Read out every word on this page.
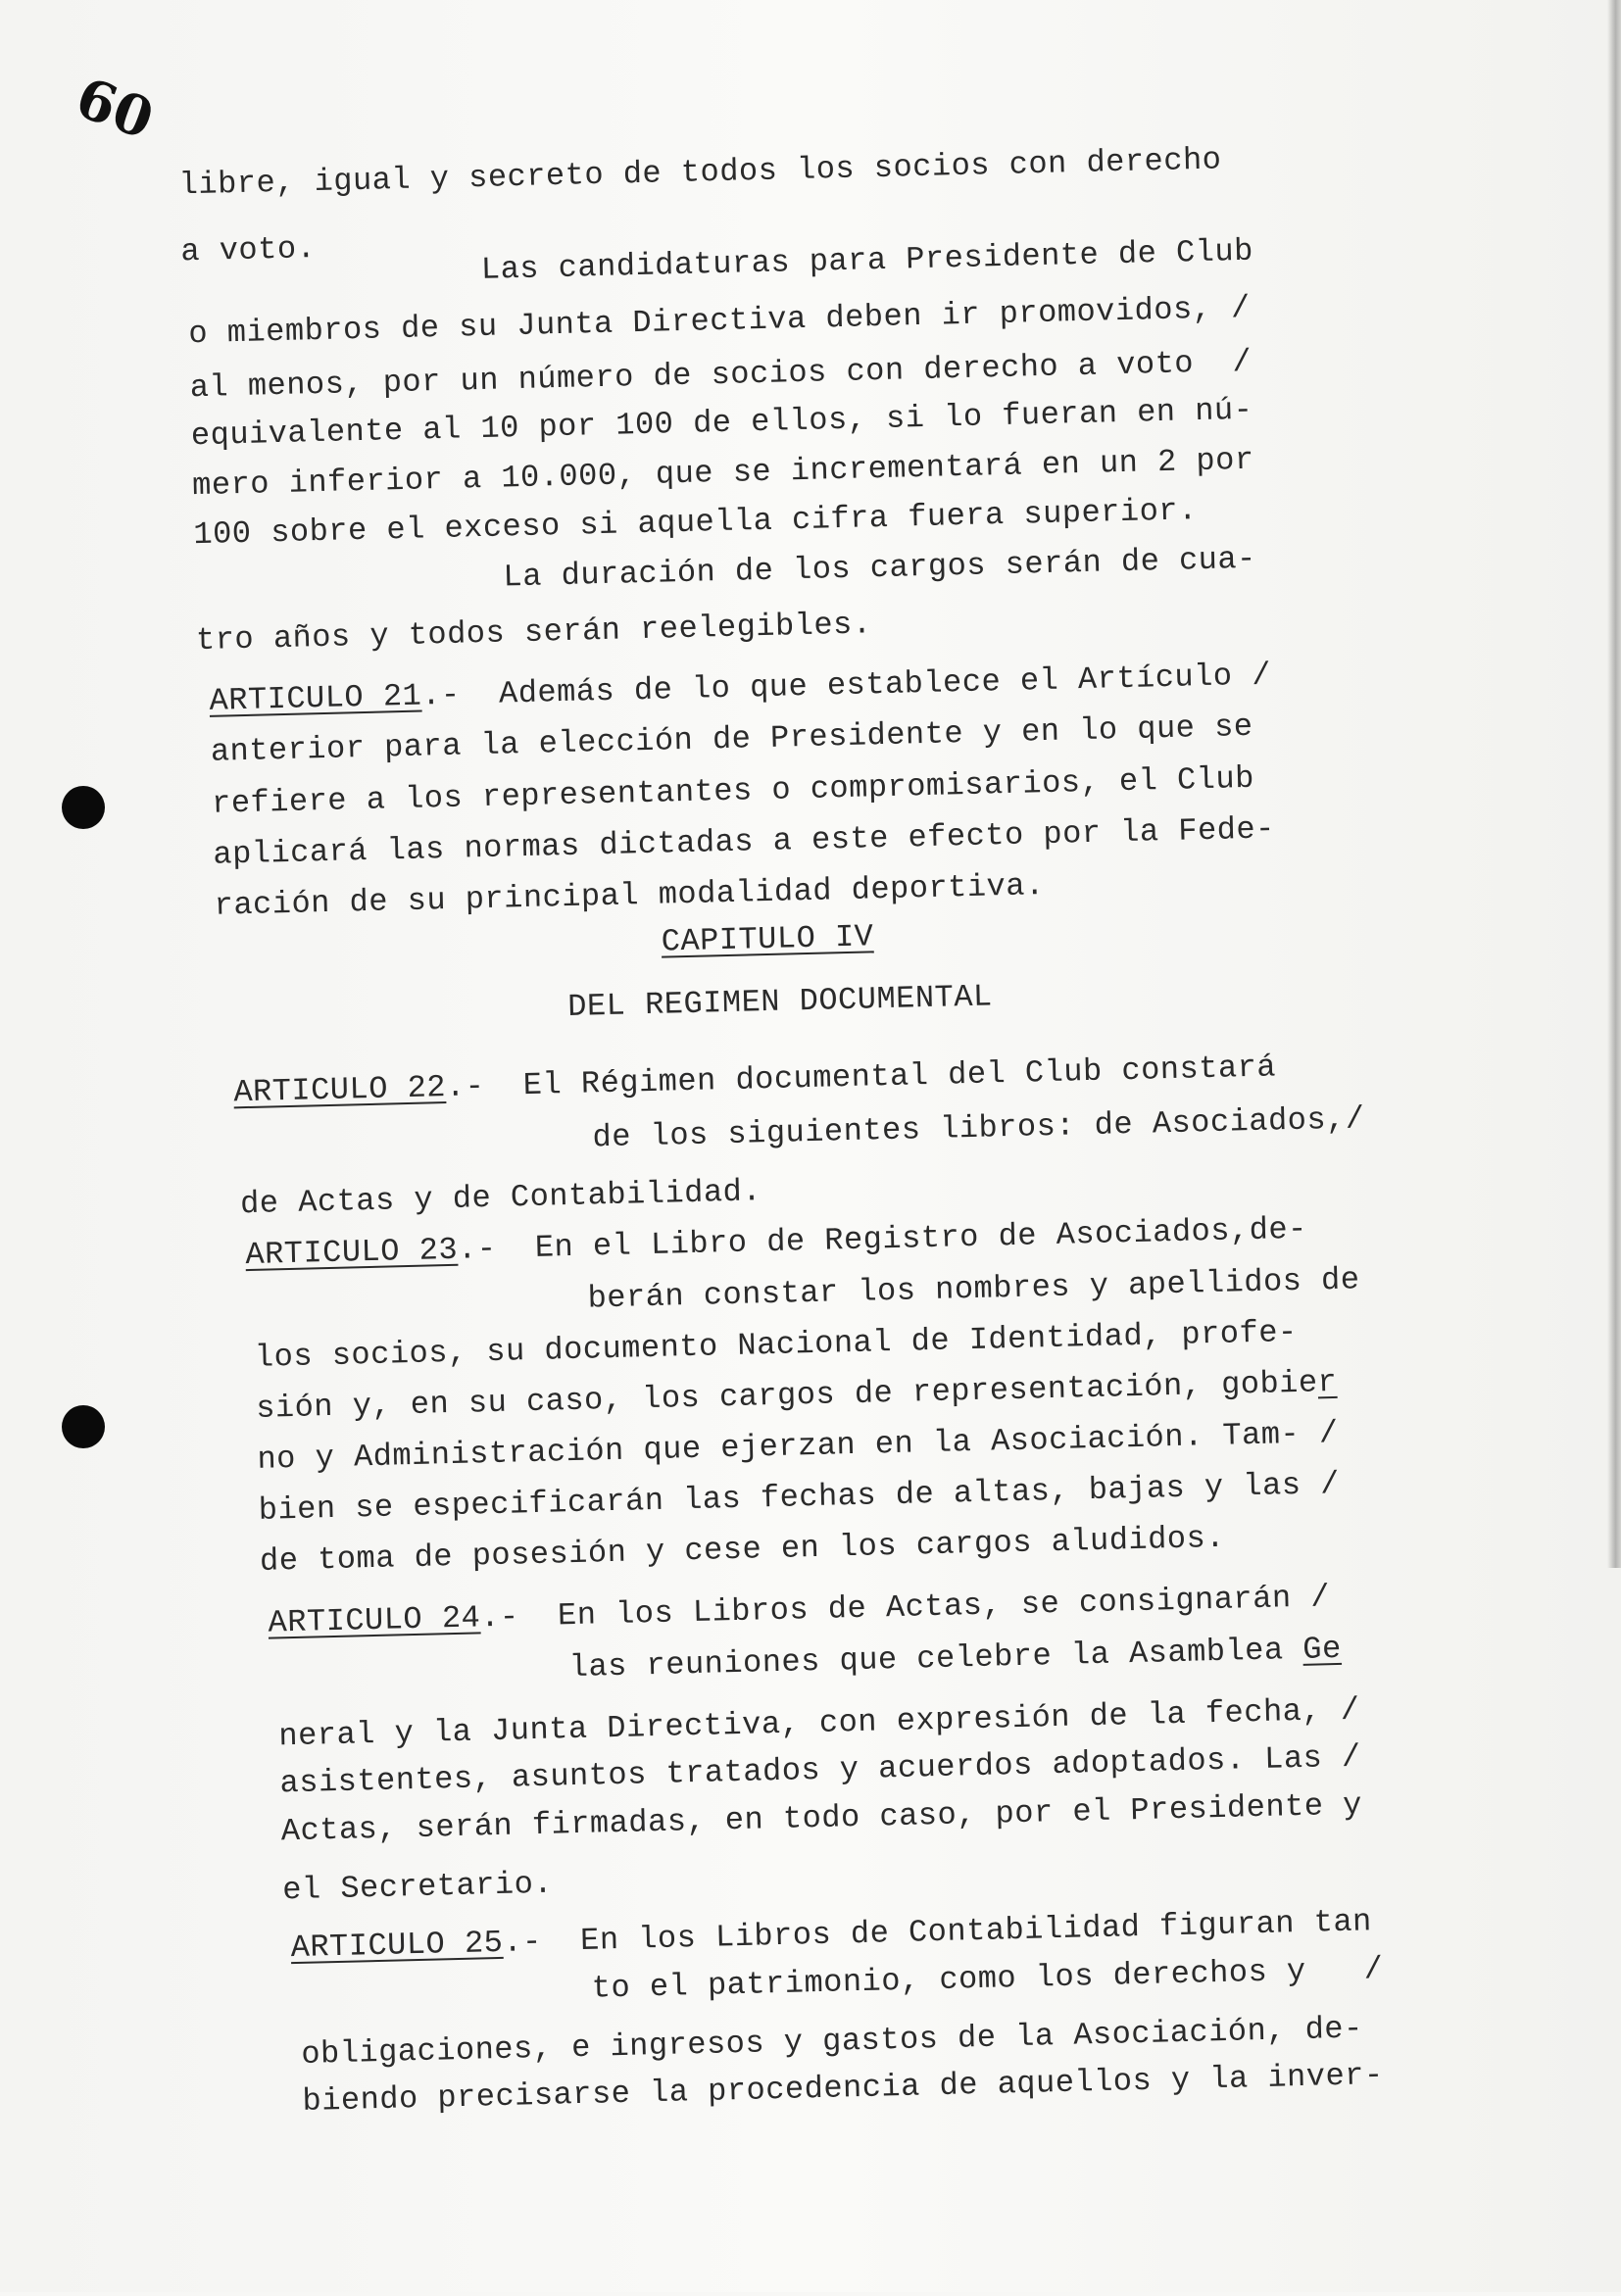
60
libre, igual y secreto de todos los socios con derecho
a voto.	Las candidaturas para Presidente de Club
o miembros de su Junta Directiva deben ir promovidos, /
al menos, por un número de socios con derecho a voto  /
equivalente al 10 por 100 de ellos, si lo fueran en nú-
mero inferior a 10.000, que se incrementará en un 2 por
100 sobre el exceso si aquella cifra fuera superior.
La duración de los cargos serán de cua-
tro años y todos serán reelegibles.
ARTICULO 21.-  Además de lo que establece el Artículo /
anterior para la elección de Presidente y en lo que se
refiere a los representantes o compromisarios, el Club
aplicará las normas dictadas a este efecto por la Fede-
ración de su principal modalidad deportiva.
CAPITULO IV
DEL REGIMEN DOCUMENTAL
ARTICULO 22.-  El Régimen documental del Club constará
de los siguientes libros: de Asociados,/
de Actas y de Contabilidad.
ARTICULO 23.-  En el Libro de Registro de Asociados,de-
berán constar los nombres y apellidos de
los socios, su documento Nacional de Identidad, profe-
sión y, en su caso, los cargos de representación, gobier
no y Administración que ejerzan en la Asociación. Tam- /
bien se especificarán las fechas de altas, bajas y las /
de toma de posesión y cese en los cargos aludidos.
ARTICULO 24.-  En los Libros de Actas, se consignarán /
las reuniones que celebre la Asamblea Ge
neral y la Junta Directiva, con expresión de la fecha, /
asistentes, asuntos tratados y acuerdos adoptados. Las /
Actas, serán firmadas, en todo caso, por el Presidente y
el Secretario.
ARTICULO 25.-  En los Libros de Contabilidad figuran tan
to el patrimonio, como los derechos y   /
obligaciones, e ingresos y gastos de la Asociación, de-
biendo precisarse la procedencia de aquellos y la inver-
